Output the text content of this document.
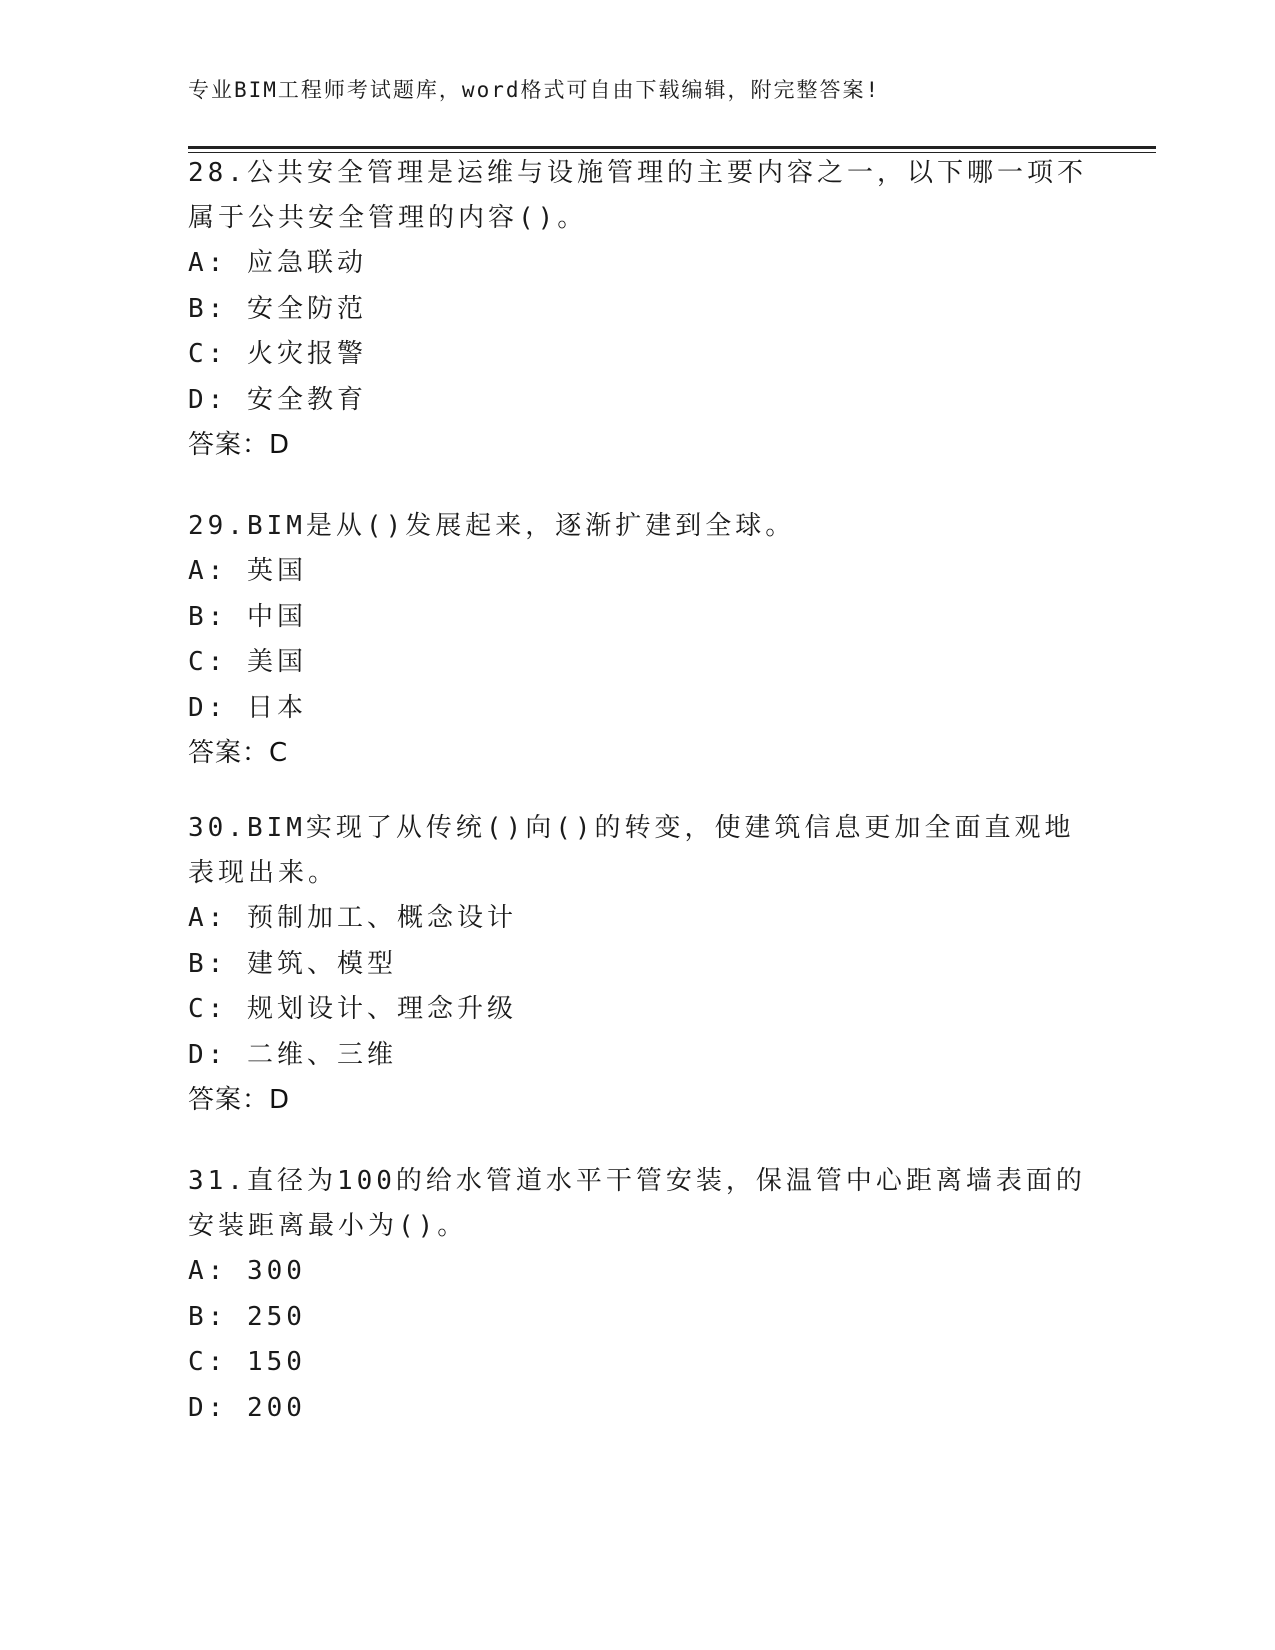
专业BIM工程师考试题库，word格式可自由下载编辑，附完整答案!

28.公共安全管理是运维与设施管理的主要内容之一，以下哪一项不属于公共安全管理的内容()。

A: 应急联动

B: 安全防范

C: 火灾报警

D: 安全教育

答案：D

29.BIM是从()发展起来，逐渐扩建到全球。

A: 英国

B: 中国

C: 美国

D: 日本

答案：C

30.BIM实现了从传统()向()的转变，使建筑信息更加全面直观地表现出来。

A: 预制加工、概念设计

B: 建筑、模型

C: 规划设计、理念升级

D: 二维、三维

答案：D

31.直径为100的给水管道水平干管安装，保温管中心距离墙表面的安装距离最小为()。

A: 300

B: 250

C: 150

D: 200
